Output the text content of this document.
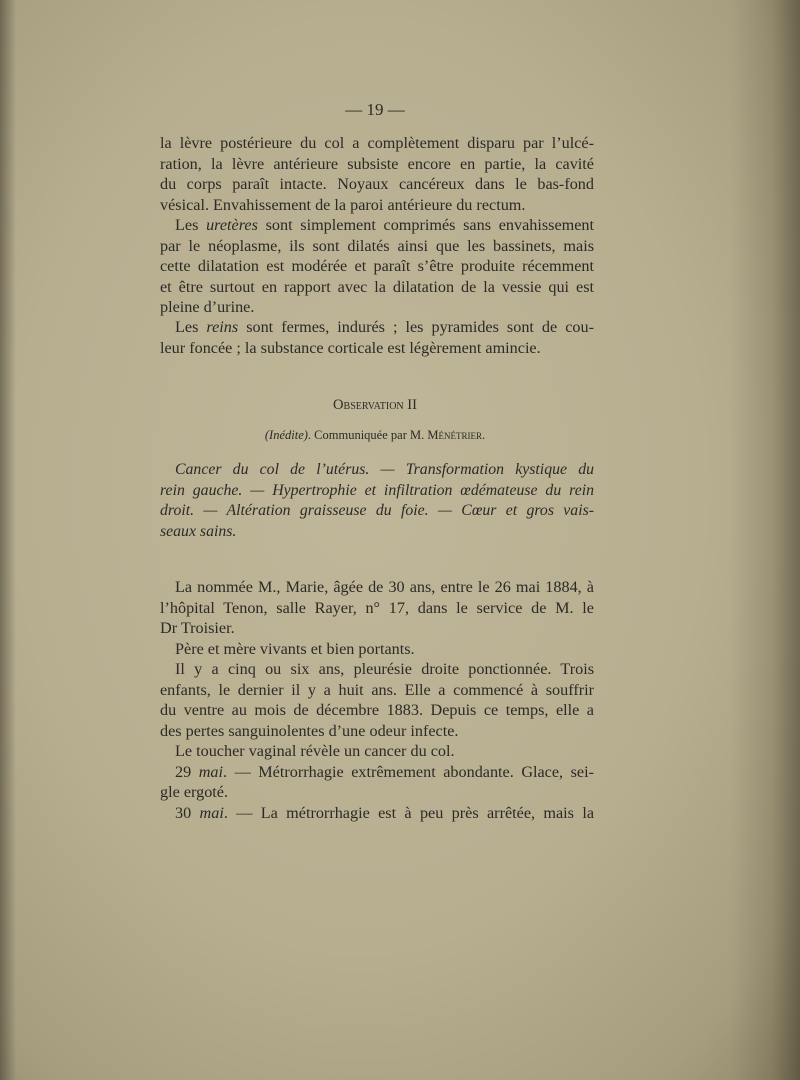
— 19 —
la lèvre postérieure du col a complètement disparu par l’ulcé-
ration, la lèvre antérieure subsiste encore en partie, la cavité
du corps paraît intacte. Noyaux cancéreux dans le bas-fond
vésical. Envahissement de la paroi antérieure du rectum.
Les uretères sont simplement comprimés sans envahissement
par le néoplasme, ils sont dilatés ainsi que les bassinets, mais
cette dilatation est modérée et paraît s’être produite récemment
et être surtout en rapport avec la dilatation de la vessie qui est
pleine d’urine.
Les reins sont fermes, indurés ; les pyramides sont de cou-
leur foncée ; la substance corticale est légèrement amincie.
Observation II
(Inédite). Communiquée par M. Ménétrier.
Cancer du col de l’utérus. — Transformation kystique du
rein gauche. — Hypertrophie et infiltration œdémateuse du rein
droit. — Altération graisseuse du foie. — Cœur et gros vais-
seaux sains.
La nommée M., Marie, âgée de 30 ans, entre le 26 mai 1884, à
l’hôpital Tenon, salle Rayer, n° 17, dans le service de M. le
Dr Troisier.
Père et mère vivants et bien portants.
Il y a cinq ou six ans, pleurésie droite ponctionnée. Trois
enfants, le dernier il y a huit ans. Elle a commencé à souffrir
du ventre au mois de décembre 1883. Depuis ce temps, elle a
des pertes sanguinolentes d’une odeur infecte.
Le toucher vaginal révèle un cancer du col.
29 mai. — Métrorrhagie extrêmement abondante. Glace, sei-
gle ergoté.
30 mai. — La métrorrhagie est à peu près arrêtée, mais la
